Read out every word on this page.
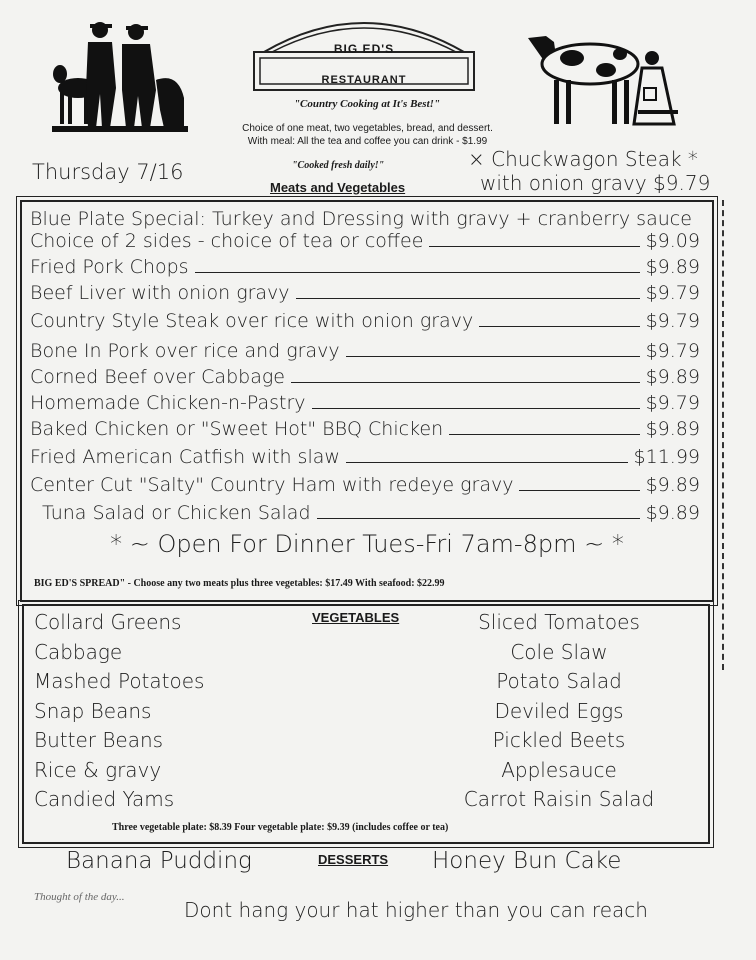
BIG ED'S
RESTAURANT
"Country Cooking at It's Best!"
Choice of one meat, two vegetables, bread, and dessert.
With meal: All the tea and coffee you can drink - $1.99
"Cooked fresh daily!"
Meats and Vegetables
Thursday 7/16
× Chuckwagon Steak *
with onion gravy $9.79
Blue Plate Special: Turkey and Dressing with gravy + cranberry sauce
Choice of 2 sides - choice of tea or coffee	$9.09
Fried Pork Chops	$9.89
Beef Liver with onion gravy	$9.79
Country Style Steak over rice with onion gravy	$9.79
Bone In Pork over rice and gravy	$9.79
Corned Beef over Cabbage	$9.89
Homemade Chicken-n-Pastry	$9.79
Baked Chicken or "Sweet Hot" BBQ Chicken	$9.89
Fried American Catfish with slaw	$11.99
Center Cut "Salty" Country Ham with redeye gravy	$9.89
Tuna Salad or Chicken Salad	$9.89
* ~ Open For Dinner Tues-Fri 7am-8pm ~ *
BIG ED'S SPREAD" - Choose any two meats plus three vegetables: $17.49 With seafood: $22.99
VEGETABLES
Collard Greens
Cabbage
Mashed Potatoes
Snap Beans
Butter Beans
Rice & gravy
Candied Yams
Sliced Tomatoes
Cole Slaw
Potato Salad
Deviled Eggs
Pickled Beets
Applesauce
Carrot Raisin Salad
Three vegetable plate: $8.39 Four vegetable plate: $9.39 (includes coffee or tea)
DESSERTS
Banana Pudding	Honey Bun Cake
Thought of the day...
Dont hang your hat higher than you can reach
